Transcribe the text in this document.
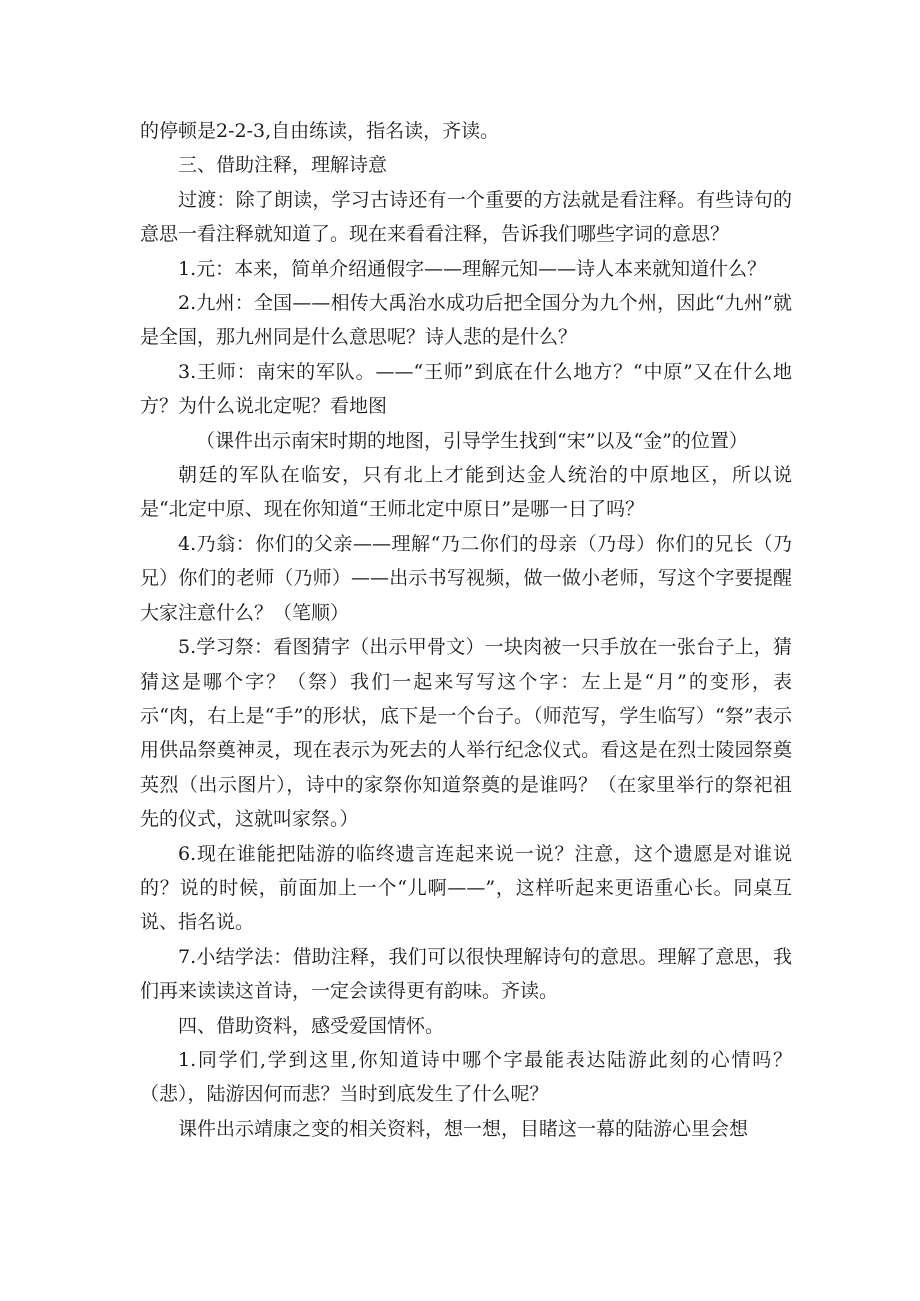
的停顿是2-2-3,自由练读，指名读，齐读。

三、借助注释，理解诗意

过渡：除了朗读，学习古诗还有一个重要的方法就是看注释。有些诗句的意思一看注释就知道了。现在来看看注释，告诉我们哪些字词的意思？

1.元：本来，简单介绍通假字——理解元知——诗人本来就知道什么？

2.九州：全国——相传大禹治水成功后把全国分为九个州，因此“九州”就是全国，那九州同是什么意思呢？诗人悲的是什么？

3.王师：南宋的军队。——“王师”到底在什么地方？“中原”又在什么地方？为什么说北定呢？看地图

（课件出示南宋时期的地图，引导学生找到“宋”以及“金”的位置）

朝廷的军队在临安，只有北上才能到达金人统治的中原地区，所以说是“北定中原、现在你知道“王师北定中原日”是哪一日了吗？

4.乃翁：你们的父亲——理解“乃二你们的母亲（乃母）你们的兄长（乃兄）你们的老师（乃师）——出示书写视频，做一做小老师，写这个字要提醒大家注意什么？（笔顺）

5.学习祭：看图猜字（出示甲骨文）一块肉被一只手放在一张台子上，猜猜这是哪个字？（祭）我们一起来写写这个字：左上是“月”的变形，表示“肉，右上是“手”的形状，底下是一个台子。（师范写，学生临写）“祭”表示用供品祭奠神灵，现在表示为死去的人举行纪念仪式。看这是在烈士陵园祭奠英烈（出示图片），诗中的家祭你知道祭奠的是谁吗？（在家里举行的祭祀祖先的仪式，这就叫家祭。）

6.现在谁能把陆游的临终遗言连起来说一说？注意，这个遗愿是对谁说的？说的时候，前面加上一个“儿啊——”，这样听起来更语重心长。同桌互说、指名说。

7.小结学法：借助注释，我们可以很快理解诗句的意思。理解了意思，我们再来读读这首诗，一定会读得更有韵味。齐读。

四、借助资料，感受爱国情怀。

1.同学们,学到这里,你知道诗中哪个字最能表达陆游此刻的心情吗？（悲），陆游因何而悲？当时到底发生了什么呢？

课件出示靖康之变的相关资料，想一想，目睹这一幕的陆游心里会想
